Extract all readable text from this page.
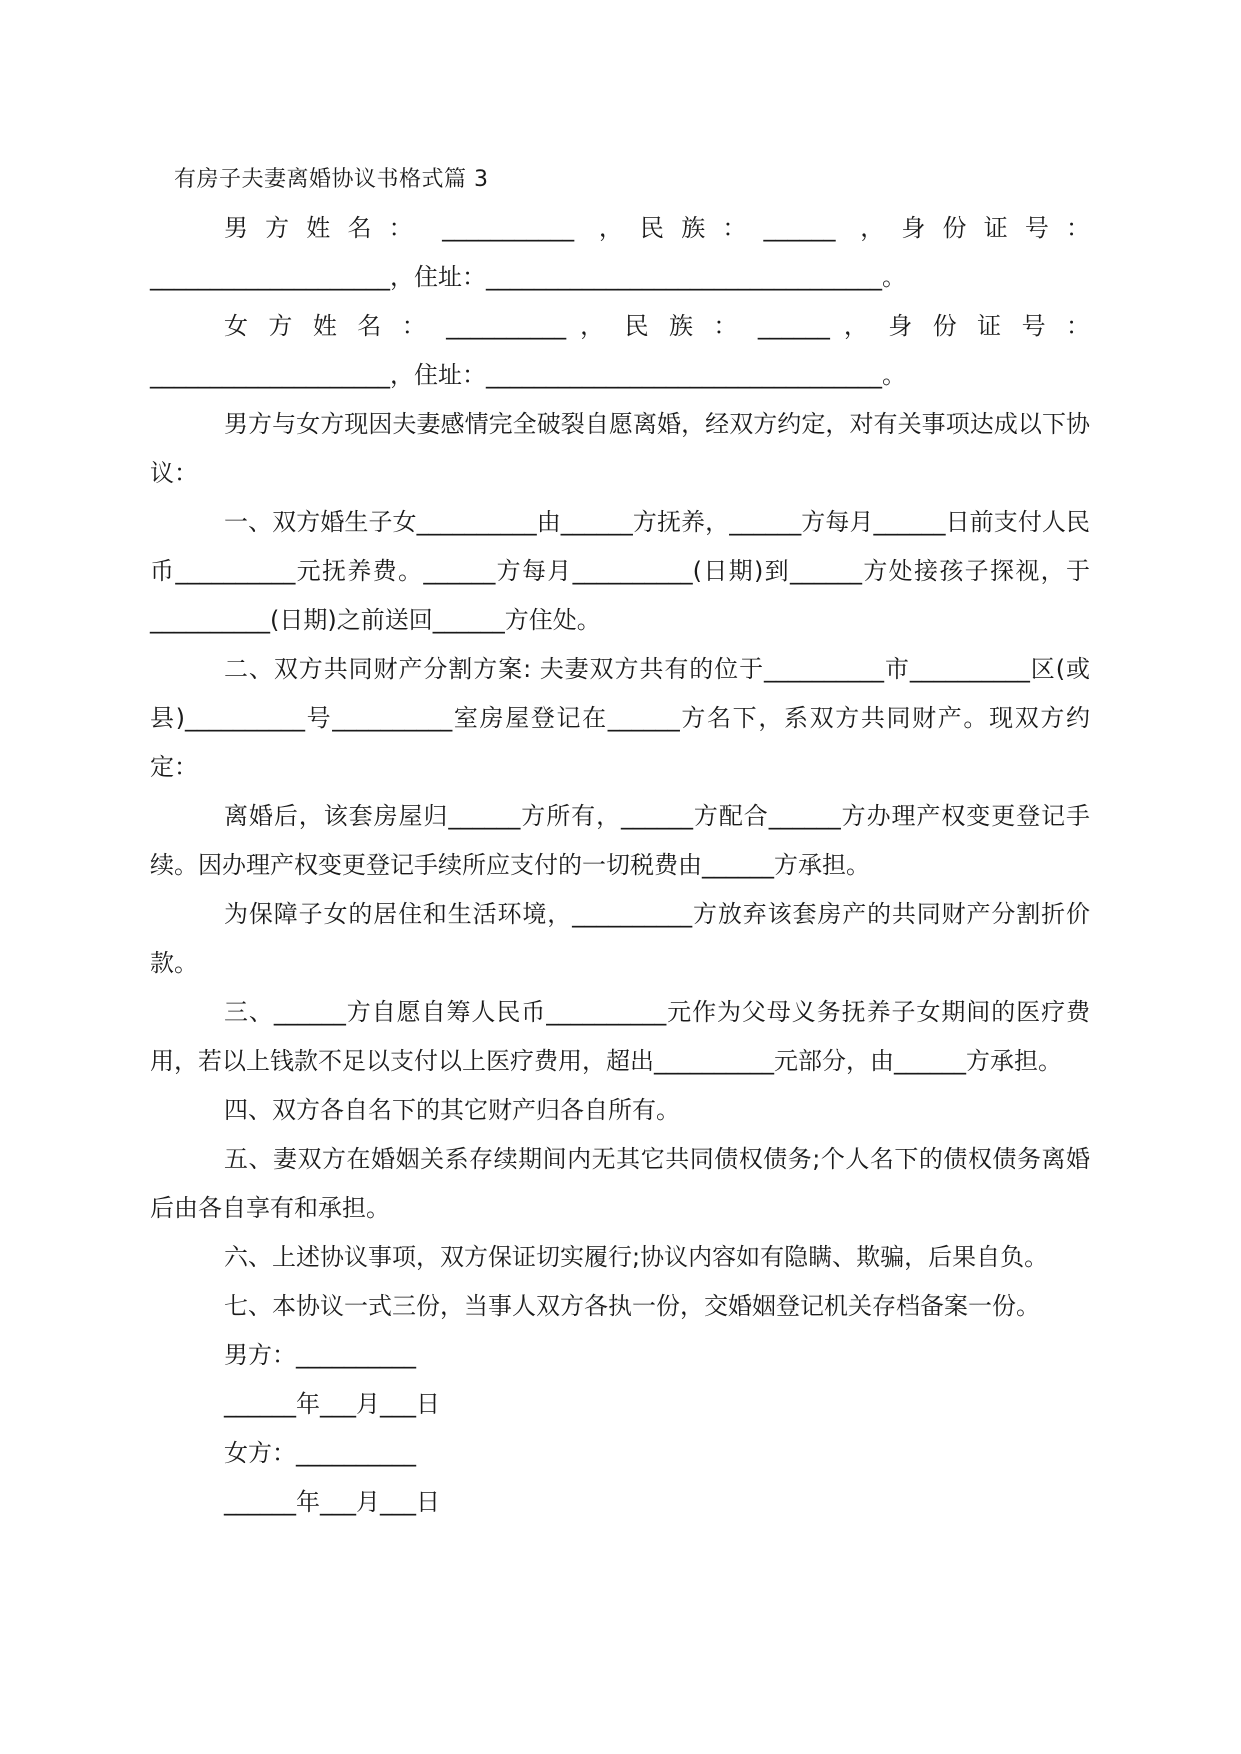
有房子夫妻离婚协议书格式篇 3

男 方 姓 名 ：  ___________  ， 民 族 ： ______  ， 身 份 证 号 ：

____________________，住址：_________________________________。

女 方 姓 名 ： __________ ， 民 族 ： ______ ， 身 份 证 号 ：

____________________，住址：_________________________________。

男方与女方现因夫妻感情完全破裂自愿离婚，经双方约定，对有关事项达成以下协议：

一、双方婚生子女__________由______方抚养，______方每月______日前支付人民币__________元抚养费。______方每月__________(日期)到______方处接孩子探视，于__________(日期)之前送回______方住处。

二、双方共同财产分割方案: 夫妻双方共有的位于__________市__________区(或县)__________号__________室房屋登记在______方名下，系双方共同财产。现双方约定：

离婚后，该套房屋归______方所有，______方配合______方办理产权变更登记手续。因办理产权变更登记手续所应支付的一切税费由______方承担。

为保障子女的居住和生活环境，__________方放弃该套房产的共同财产分割折价款。

三、______方自愿自筹人民币__________元作为父母义务抚养子女期间的医疗费用，若以上钱款不足以支付以上医疗费用，超出__________元部分，由______方承担。

四、双方各自名下的其它财产归各自所有。

五、妻双方在婚姻关系存续期间内无其它共同债权债务;个人名下的债权债务离婚后由各自享有和承担。

六、上述协议事项，双方保证切实履行;协议内容如有隐瞒、欺骗，后果自负。

七、本协议一式三份，当事人双方各执一份，交婚姻登记机关存档备案一份。

男方：__________

______年___月___日

女方：__________

______年___月___日
